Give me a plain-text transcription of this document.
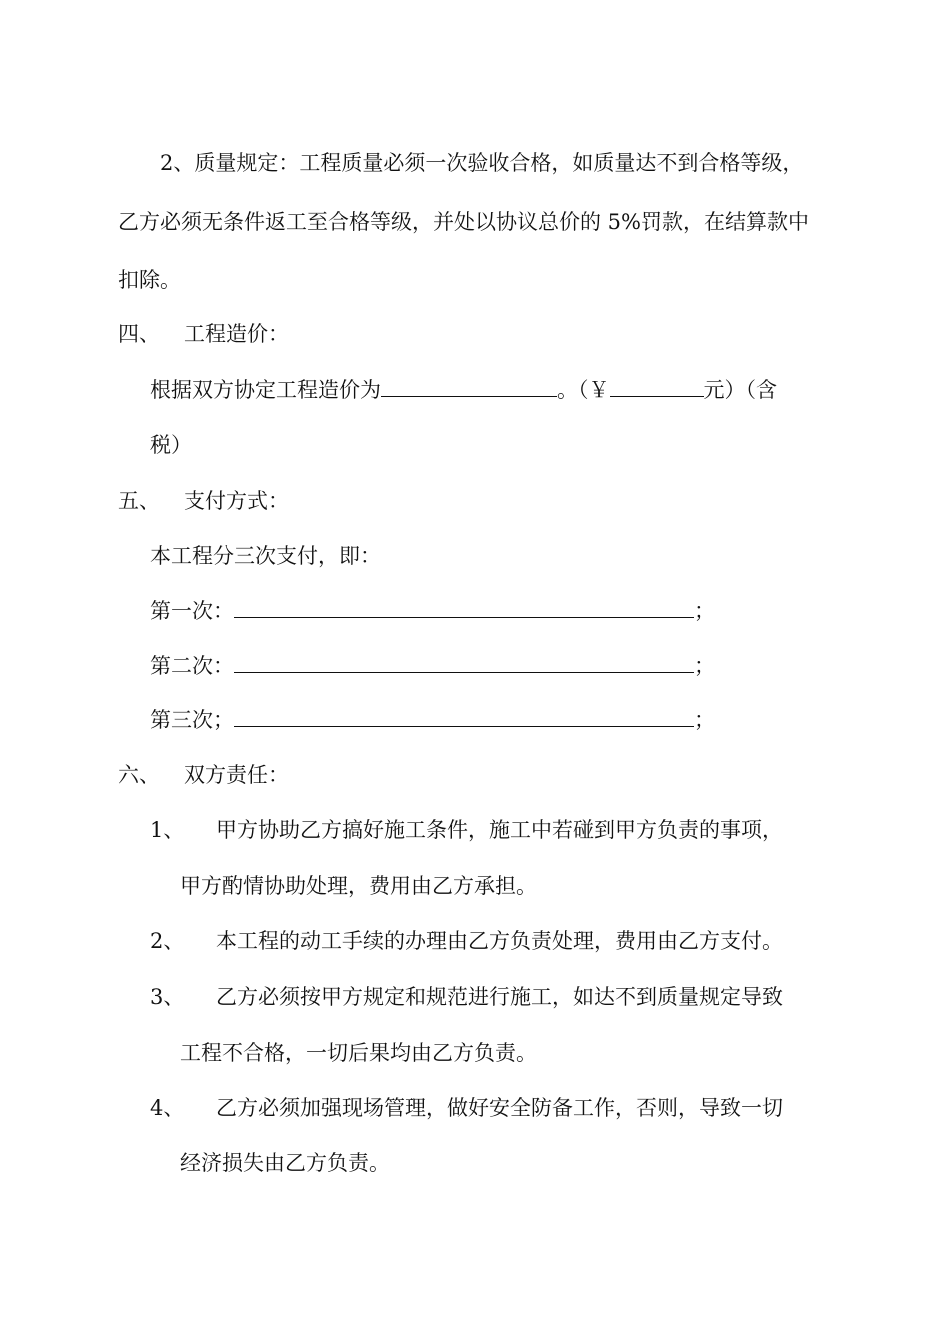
2、质量规定：工程质量必须一次验收合格，如质量达不到合格等级，
乙方必须无条件返工至合格等级，并处以协议总价的 5%罚款，在结算款中
扣除。
四、 工程造价：
根据双方协定工程造价为	。（￥	元）（含
税）
五、 支付方式：
本工程分三次支付，即：
第一次：	；
第二次：	；
第三次；	；
六、 双方责任：
1、 甲方协助乙方搞好施工条件，施工中若碰到甲方负责的事项，
甲方酌情协助处理，费用由乙方承担。
2、 本工程的动工手续的办理由乙方负责处理，费用由乙方支付。
3、 乙方必须按甲方规定和规范进行施工，如达不到质量规定导致
工程不合格，一切后果均由乙方负责。
4、 乙方必须加强现场管理，做好安全防备工作，否则，导致一切
经济损失由乙方负责。
